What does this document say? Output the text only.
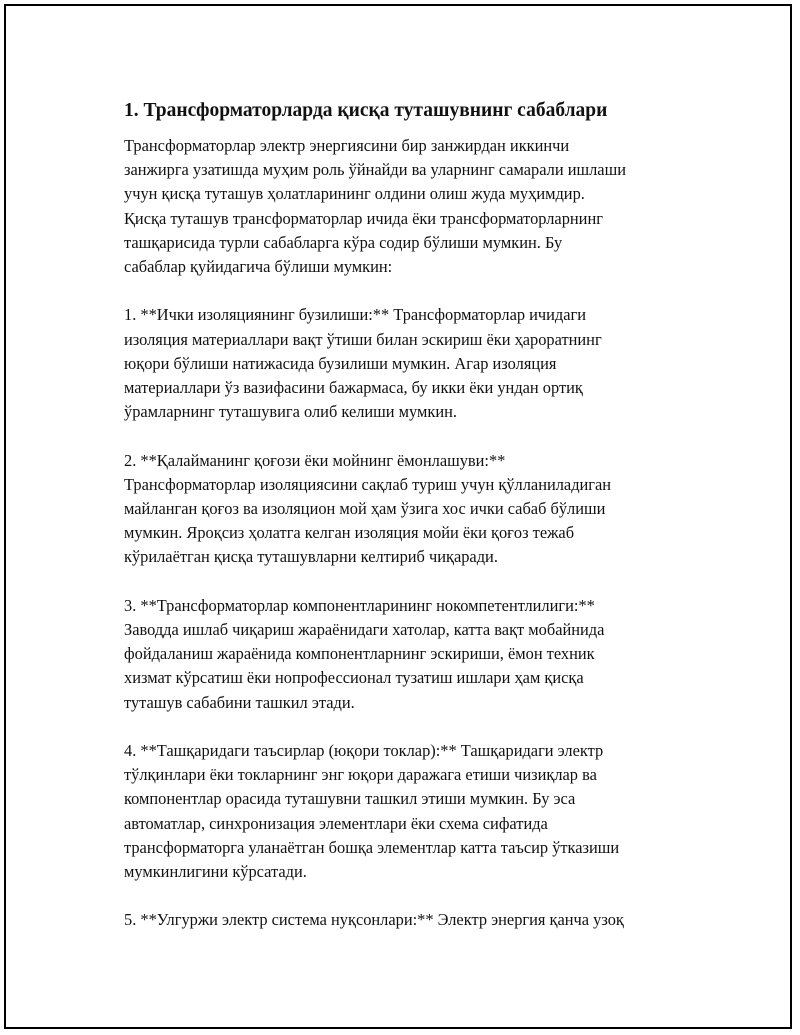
1. Трансформаторларда қисқа туташувнинг сабаблари

Трансформаторлар электр энергиясини бир занжирдан иккинчи
занжирга узатишда муҳим роль ўйнайди ва уларнинг самарали ишлаши
учун қисқа туташув ҳолатларининг олдини олиш жуда муҳимдир.
Қисқа туташув трансформаторлар ичида ёки трансформаторларнинг
ташқарисида турли сабабларга кўра содир бўлиши мумкин. Бу
сабаблар қуйидагича бўлиши мумкин:

1. **Ички изоляциянинг бузилиши:** Трансформаторлар ичидаги
изоляция материаллари вақт ўтиши билан эскириш ёки ҳароратнинг
юқори бўлиши натижасида бузилиши мумкин. Агар изоляция
материаллари ўз вазифасини бажармаса, бу икки ёки ундан ортиқ
ўрамларнинг туташувига олиб келиши мумкин.

2. **Қалайманинг қоғози ёки мойнинг ёмонлашуви:**
Трансформаторлар изоляциясини сақлаб туриш учун қўлланиладиган
майланган қоғоз ва изоляцион мой ҳам ўзига хос ички сабаб бўлиши
мумкин. Яроқсиз ҳолатга келган изоляция мойи ёки қоғоз тежаб
кўрилаётган қисқа туташувларни келтириб чиқаради.

3. **Трансформаторлар компонентларининг нокомпетентлилиги:**
Заводда ишлаб чиқариш жараёнидаги хатолар, катта вақт мобайнида
фойдаланиш жараёнида компонентларнинг эскириши, ёмон техник
хизмат кўрсатиш ёки нопрофессионал тузатиш ишлари ҳам қисқа
туташув сабабини ташкил этади.

4. **Ташқаридаги таъсирлар (юқори токлар):** Ташқаридаги электр
тўлқинлари ёки токларнинг энг юқори даражага етиши чизиқлар ва
компонентлар орасида туташувни ташкил этиши мумкин. Бу эса
автоматлар, синхронизация элементлари ёки схема сифатида
трансформаторга уланаётган бошқа элементлар катта таъсир ўтказиши
мумкинлигини кўрсатади.

5. **Улгуржи электр система нуқсонлари:** Электр энергия қанча узоқ
